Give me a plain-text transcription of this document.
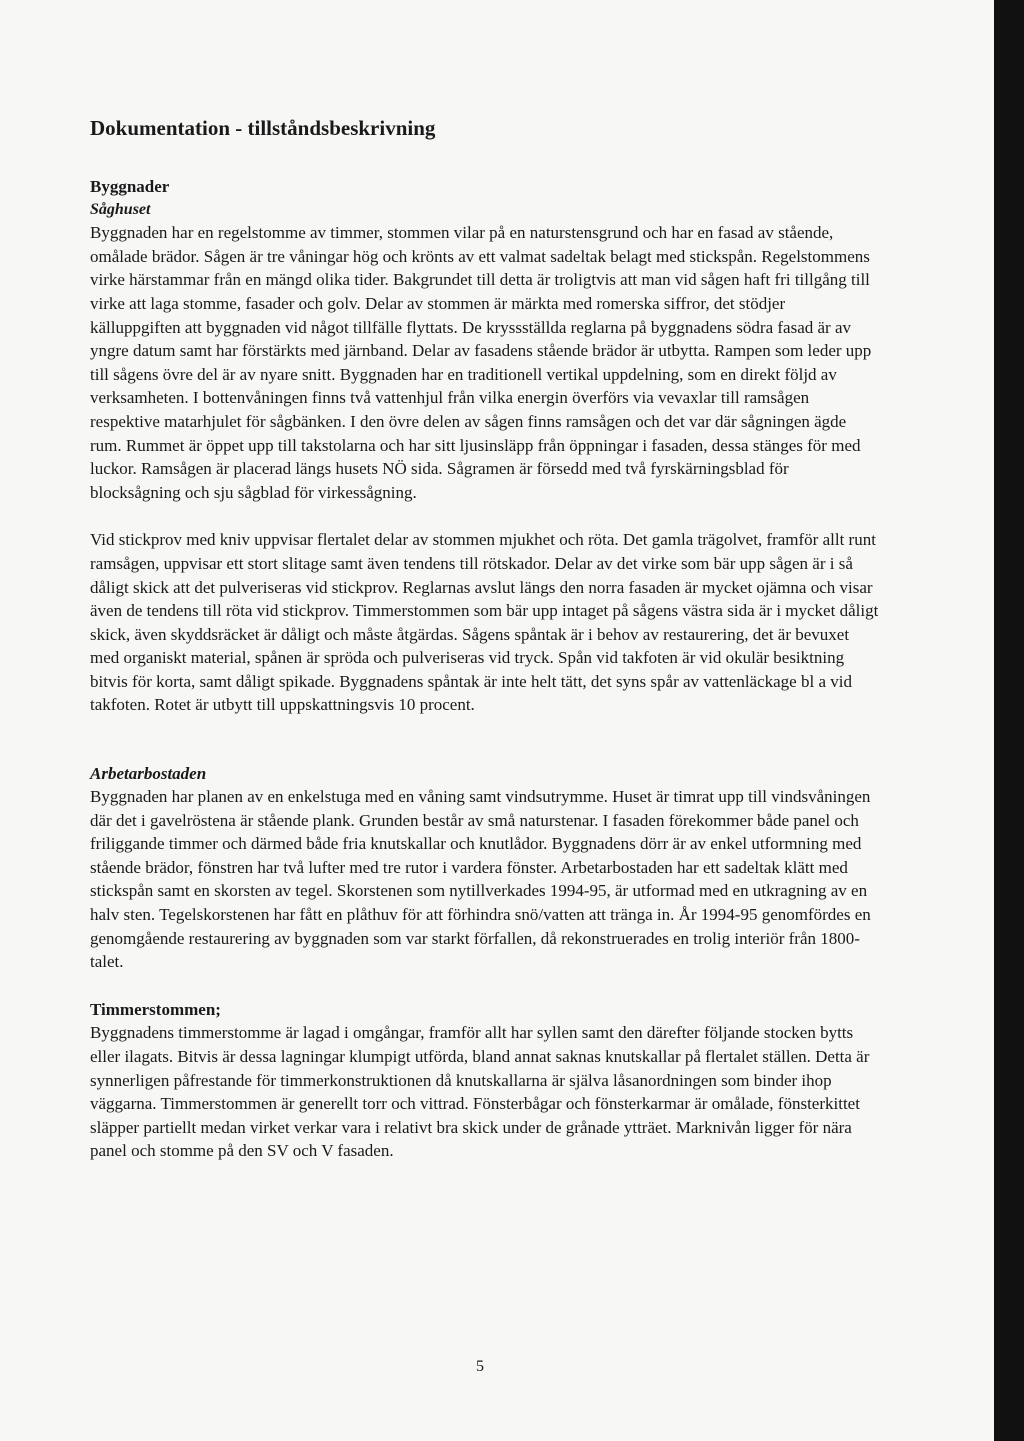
Dokumentation - tillståndsbeskrivning
Byggnader
Såghuset

Byggnaden har en regelstomme av timmer, stommen vilar på en naturstensgrund och har en fasad av stående, omålade brädor. Sågen är tre våningar hög och krönts av ett valmat sadeltak belagt med stickspån. Regelstommens virke härstammar från en mängd olika tider. Bakgrundet till detta är troligtvis att man vid sågen haft fri tillgång till virke att laga stomme, fasader och golv. Delar av stommen är märkta med romerska siffror, det stödjer källuppgiften att byggnaden vid något tillfälle flyttats. De kryssställda reglarna på byggnadens södra fasad är av yngre datum samt har förstärkts med järnband. Delar av fasadens stående brädor är utbytta. Rampen som leder upp till sågens övre del är av nyare snitt. Byggnaden har en traditionell vertikal uppdelning, som en direkt följd av verksamheten. I bottenvåningen finns två vattenhjul från vilka energin överförs via vevaxlar till ramsågen respektive matarhjulet för sågbänken. I den övre delen av sågen finns ramsågen och det var där sågningen ägde rum. Rummet är öppet upp till takstolarna och har sitt ljusinsläpp från öppningar i fasaden, dessa stänges för med luckor. Ramsågen är placerad längs husets NÖ sida. Sågramen är försedd med två fyrskärningsblad för blocksågning och sju sågblad för virkessågning.

Vid stickprov med kniv uppvisar flertalet delar av stommen mjukhet och röta. Det gamla trägolvet, framför allt runt ramsågen, uppvisar ett stort slitage samt även tendens till rötskador. Delar av det virke som bär upp sågen är i så dåligt skick att det pulveriseras vid stickprov. Reglarnas avslut längs den norra fasaden är mycket ojämna och visar även de tendens till röta vid stickprov. Timmerstommen som bär upp intaget på sågens västra sida är i mycket dåligt skick, även skyddsräcket är dåligt och måste åtgärdas. Sågens spåntak är i behov av restaurering, det är bevuxet med organiskt material, spånen är spröda och pulveriseras vid tryck. Spån vid takfoten är vid okulär besiktning bitvis för korta, samt dåligt spikade. Byggnadens spåntak är inte helt tätt, det syns spår av vattenläckage bl a vid takfoten. Rotet är utbytt till uppskattningsvis 10 procent.

Arbetarbostaden

Byggnaden har planen av en enkelstuga med en våning samt vindsutrymme. Huset är timrat upp till vindsvåningen där det i gavelröstena är stående plank. Grunden består av små naturstenar. I fasaden förekommer både panel och friliggande timmer och därmed både fria knutskallar och knutlådor. Byggnadens dörr är av enkel utformning med stående brädor, fönstren har två lufter med tre rutor i vardera fönster. Arbetarbostaden har ett sadeltak klätt med stickspån samt en skorsten av tegel. Skorstenen som nytillverkades 1994-95, är utformad med en utkragning av en halv sten. Tegelskorstenen har fått en plåthuv för att förhindra snö/vatten att tränga in. År 1994-95 genomfördes en genomgående restaurering av byggnaden som var starkt förfallen, då rekonstruerades en trolig interiör från 1800-talet.

Timmerstommen;

Byggnadens timmerstomme är lagad i omgångar, framför allt har syllen samt den därefter följande stocken bytts eller ilagats. Bitvis är dessa lagningar klumpigt utförda, bland annat saknas knutskallar på flertalet ställen. Detta är synnerligen påfrestande för timmerkonstruktionen då knutskallarna är själva låsanordningen som binder ihop väggarna. Timmerstommen är generellt torr och vittrad. Fönsterbågar och fönsterkarmar är omålade, fönsterkittet släpper partiellt medan virket verkar vara i relativt bra skick under de grånade ytträet. Marknivån ligger för nära panel och stomme på den SV och V fasaden.

5
